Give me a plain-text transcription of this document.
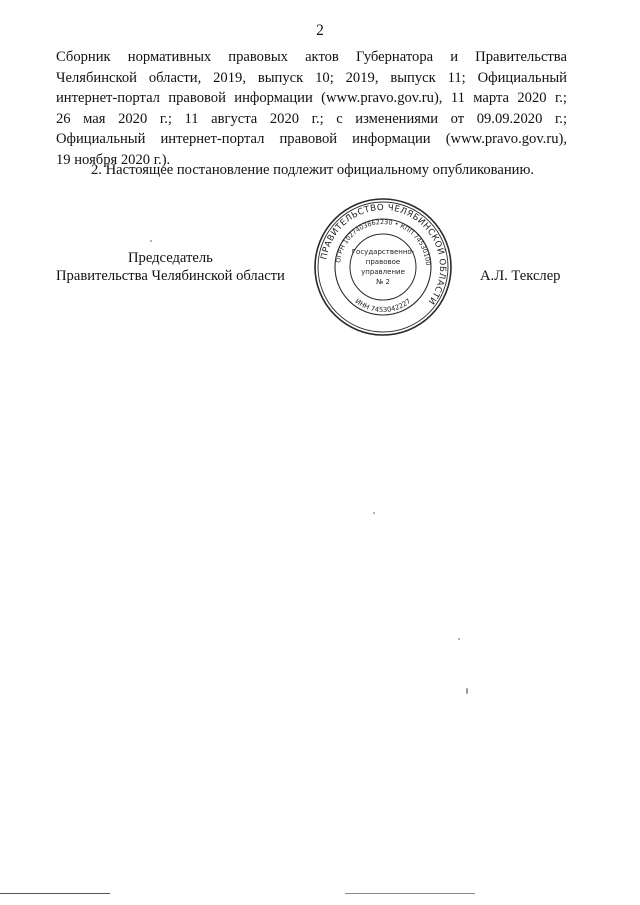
2
Сборник нормативных правовых актов Губернатора и Правительства
Челябинской области, 2019, выпуск 10; 2019, выпуск 11; Официальный
интернет-портал правовой информации (www.pravo.gov.ru), 11 марта 2020 г.;
26 мая 2020 г.; 11 августа 2020 г.; с изменениями от 09.09.2020 г.;
Официальный интернет-портал правовой информации (www.pravo.gov.ru),
19 ноября 2020 г.).

2. Настоящее постановление подлежит официальному опубликованию.

Председатель
Правительства Челябинской области	А.Л. Текслер
ПРАВИТЕЛЬСТВО ЧЕЛЯБИНСКОЙ ОБЛАСТИ
ОГРН 1027403862230 • КПП 74530100
ИНН 7453042227
Государственно-
правовое
управление
№ 2
